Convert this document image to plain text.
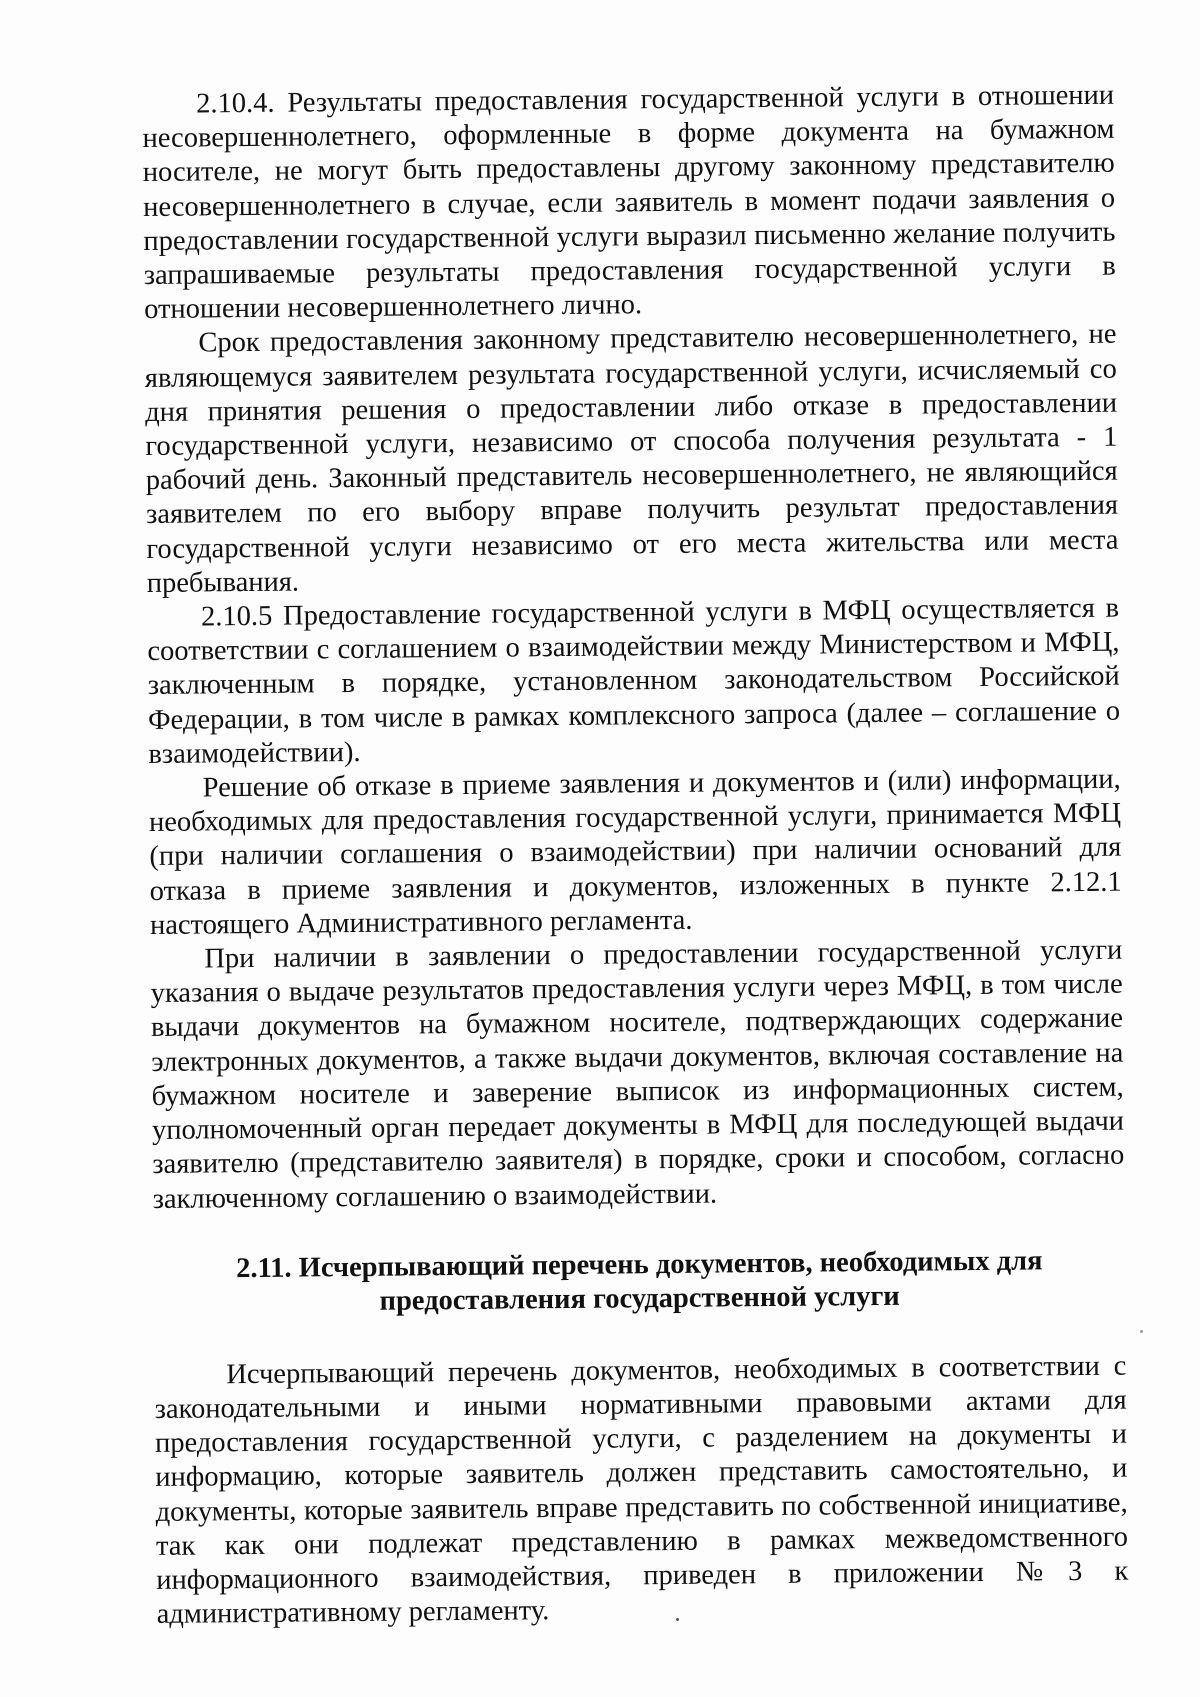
2.10.4. Результаты предоставления государственной услуги в отношении несовершеннолетнего, оформленные в форме документа на бумажном носителе, не могут быть предоставлены другому законному представителю несовершеннолетнего в случае, если заявитель в момент подачи заявления о предоставлении государственной услуги выразил письменно желание получить запрашиваемые результаты предоставления государственной услуги в отношении несовершеннолетнего лично.

Срок предоставления законному представителю несовершеннолетнего, не являющемуся заявителем результата государственной услуги, исчисляемый со дня принятия решения о предоставлении либо отказе в предоставлении государственной услуги, независимо от способа получения результата - 1 рабочий день. Законный представитель несовершеннолетнего, не являющийся заявителем по его выбору вправе получить результат предоставления государственной услуги независимо от его места жительства или места пребывания.

2.10.5 Предоставление государственной услуги в МФЦ осуществляется в соответствии с соглашением о взаимодействии между Министерством и МФЦ, заключенным в порядке, установленном законодательством Российской Федерации, в том числе в рамках комплексного запроса (далее – соглашение о взаимодействии).

Решение об отказе в приеме заявления и документов и (или) информации, необходимых для предоставления государственной услуги, принимается МФЦ (при наличии соглашения о взаимодействии) при наличии оснований для отказа в приеме заявления и документов, изложенных в пункте 2.12.1 настоящего Административного регламента.

При наличии в заявлении о предоставлении государственной услуги указания о выдаче результатов предоставления услуги через МФЦ, в том числе выдачи документов на бумажном носителе, подтверждающих содержание электронных документов, а также выдачи документов, включая составление на бумажном носителе и заверение выписок из информационных систем, уполномоченный орган передает документы в МФЦ для последующей выдачи заявителю (представителю заявителя) в порядке, сроки и способом, согласно заключенному соглашению о взаимодействии.

2.11. Исчерпывающий перечень документов, необходимых для
предоставления государственной услуги

Исчерпывающий перечень документов, необходимых в соответствии с законодательными и иными нормативными правовыми актами для предоставления государственной услуги, с разделением на документы и информацию, которые заявитель должен представить самостоятельно, и документы, которые заявитель вправе представить по собственной инициативе, так как они подлежат представлению в рамках межведомственного информационного взаимодействия, приведен в приложении №3 к административному регламенту.
